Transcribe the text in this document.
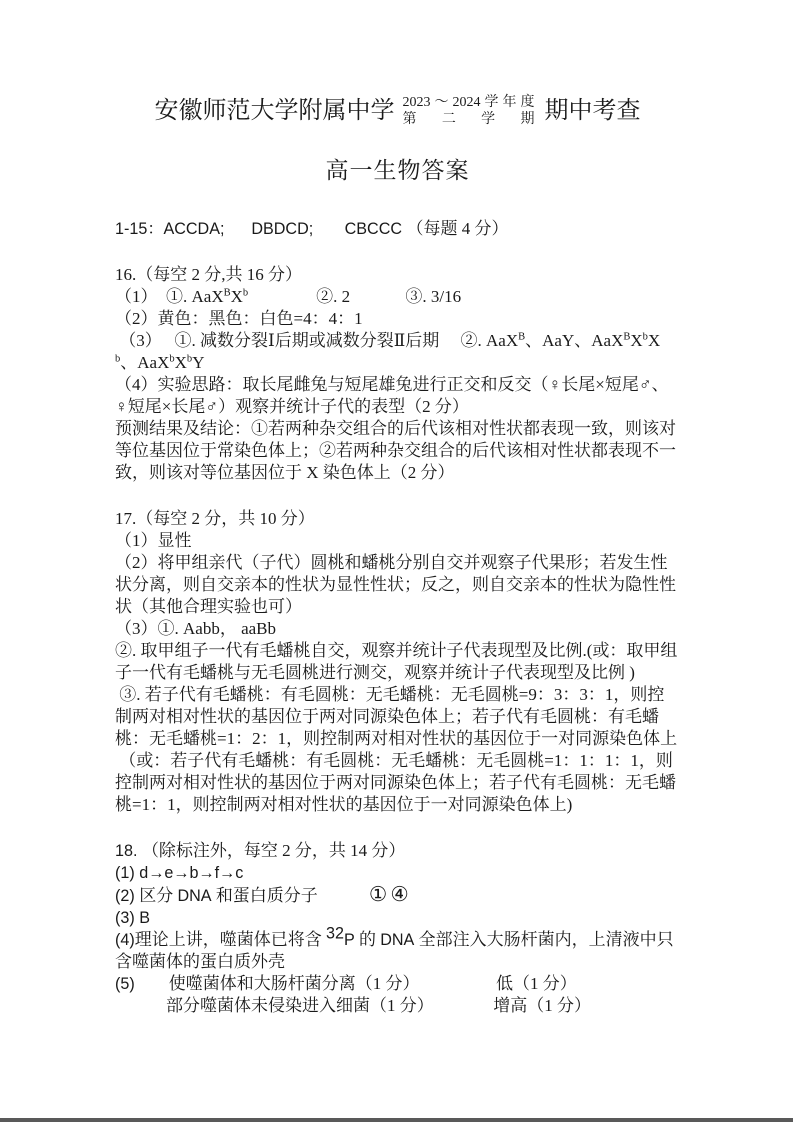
安徽师范大学附属中学 2023～2024学年度
第 二 学 期 期中考查
高一生物答案

1-15：ACCDA;      DBDCD;       CBCCC （每题 4 分）

16.（每空 2 分,共 16 分）

（1）　①. $AaX^BX^b$　　　　②. 2　　　 ③. 3/16

（2）黄色：黑色：白色=4：4：1

（3）　 ①. 减数分裂Ⅰ后期或减数分裂Ⅱ后期　 ②. AaX$^B$、AaY、$AaX^BX^bX^b$、$AaX^bX^bY$

（4）实验思路：取长尾雌兔与短尾雄兔进行正交和反交（♀长尾×短尾♂、♀短尾×长尾♂）观察并统计子代的表型（2 分）

预测结果及结论：①若两种杂交组合的后代该相对性状都表现一致，则该对等位基因位于常染色体上；②若两种杂交组合的后代该相对性状都表现不一致，则该对等位基因位于 X 染色体上（2 分）

17.（每空 2 分，共 10 分）

（1）显性

（2）将甲组亲代（子代）圆桃和蟠桃分别自交并观察子代果形；若发生性状分离，则自交亲本的性状为显性性状；反之，则自交亲本的性状为隐性性状（其他合理实验也可）

（3）①. Aabb， aaBb

②. 取甲组子一代有毛蟠桃自交，观察并统计子代表现型及比例.(或：取甲组子一代有毛蟠桃与无毛圆桃进行测交，观察并统计子代表现型及比例 )

③. 若子代有毛蟠桃：有毛圆桃：无毛蟠桃：无毛圆桃=9：3：3：1，则控制两对相对性状的基因位于两对同源染色体上；若子代有毛圆桃：有毛蟠桃：无毛蟠桃=1：2：1，则控制两对相对性状的基因位于一对同源染色体上

（或：若子代有毛蟠桃：有毛圆桃：无毛蟠桃：无毛圆桃=1：1：1：1，则控制两对相对性状的基因位于两对同源染色体上；若子代有毛圆桃：无毛蟠桃=1：1，则控制两对相对性状的基因位于一对同源染色体上)

18. （除标注外，每空 2 分，共 14 分）

(1) d→e→b→f→c

(2) 区分 DNA 和蛋白质分子　　　①④

(3) B

(4)理论上讲，噬菌体已将含 $^{32}$P 的 DNA 全部注入大肠杆菌内，上清液中只含噬菌体的蛋白质外壳

(5)　　使噬菌体和大肠杆菌分离（1 分）　　　　　低（1 分）

　　　部分噬菌体未侵染进入细菌（1 分）　　　　增高（1 分）
